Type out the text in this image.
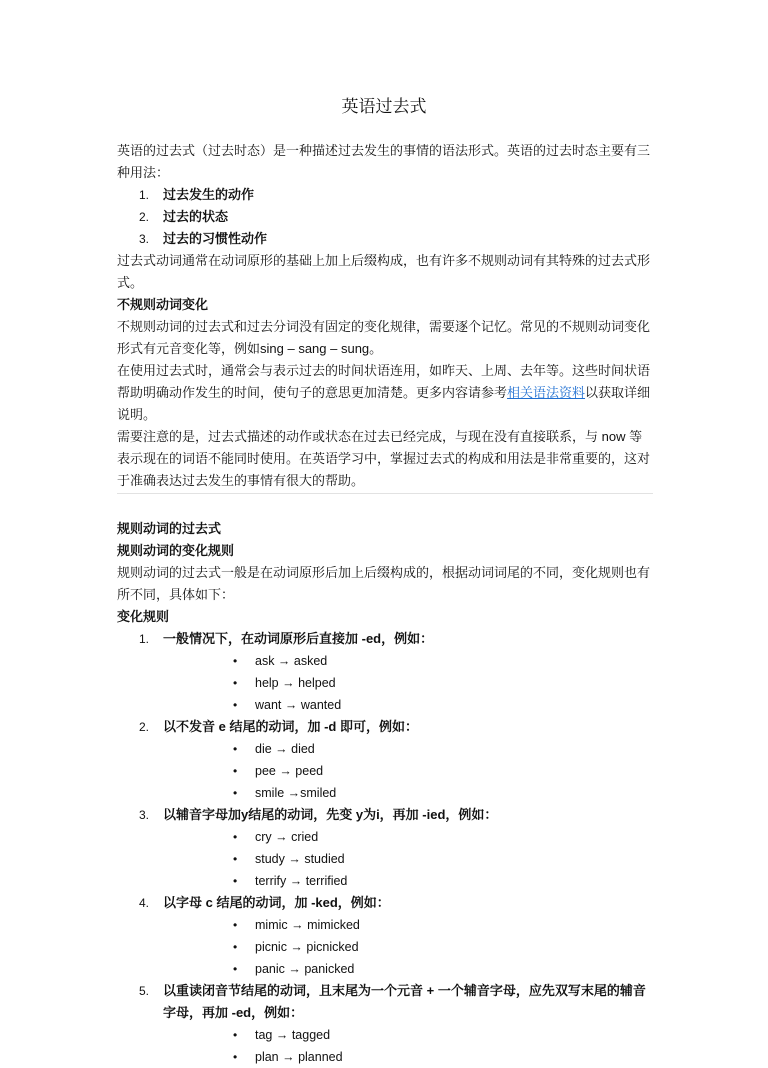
英语过去式

英语的过去式（过去时态）是一种描述过去发生的事情的语法形式。英语的过去时态主要有三种用法：

1. 过去发生的动作
2. 过去的状态
3. 过去的习惯性动作

过去式动词通常在动词原形的基础上加上后缀构成，也有许多不规则动词有其特殊的过去式形式。

不规则动词变化

不规则动词的过去式和过去分词没有固定的变化规律，需要逐个记忆。常见的不规则动词变化形式有元音变化等，例如sing – sang – sung。

在使用过去式时，通常会与表示过去的时间状语连用，如昨天、上周、去年等。这些时间状语帮助明确动作发生的时间，使句子的意思更加清楚。更多内容请参考相关语法资料以获取详细说明。

需要注意的是，过去式描述的动作或状态在过去已经完成，与现在没有直接联系，与 now 等表示现在的词语不能同时使用。在英语学习中，掌握过去式的构成和用法是非常重要的，这对于准确表达过去发生的事情有很大的帮助。

规则动词的过去式

规则动词的变化规则

规则动词的过去式一般是在动词原形后加上后缀构成的，根据动词词尾的不同，变化规则也有所不同，具体如下：

变化规则

1. 一般情况下，在动词原形后直接加 -ed，例如：
• ask → asked
• help → helped
• want → wanted
2. 以不发音 e 结尾的动词，加 -d 即可，例如：
• die → died
• pee → peed
• smile →smiled
3. 以辅音字母加y结尾的动词，先变 y为i，再加 -ied，例如：
• cry → cried
• study → studied
• terrify → terrified
4. 以字母 c 结尾的动词，加 -ked，例如：
• mimic → mimicked
• picnic → picnicked
• panic → panicked
5. 以重读闭音节结尾的动词，且末尾为一个元音 + 一个辅音字母，应先双写末尾的辅音字母，再加 -ed，例如：
• tag → tagged
• plan → planned
